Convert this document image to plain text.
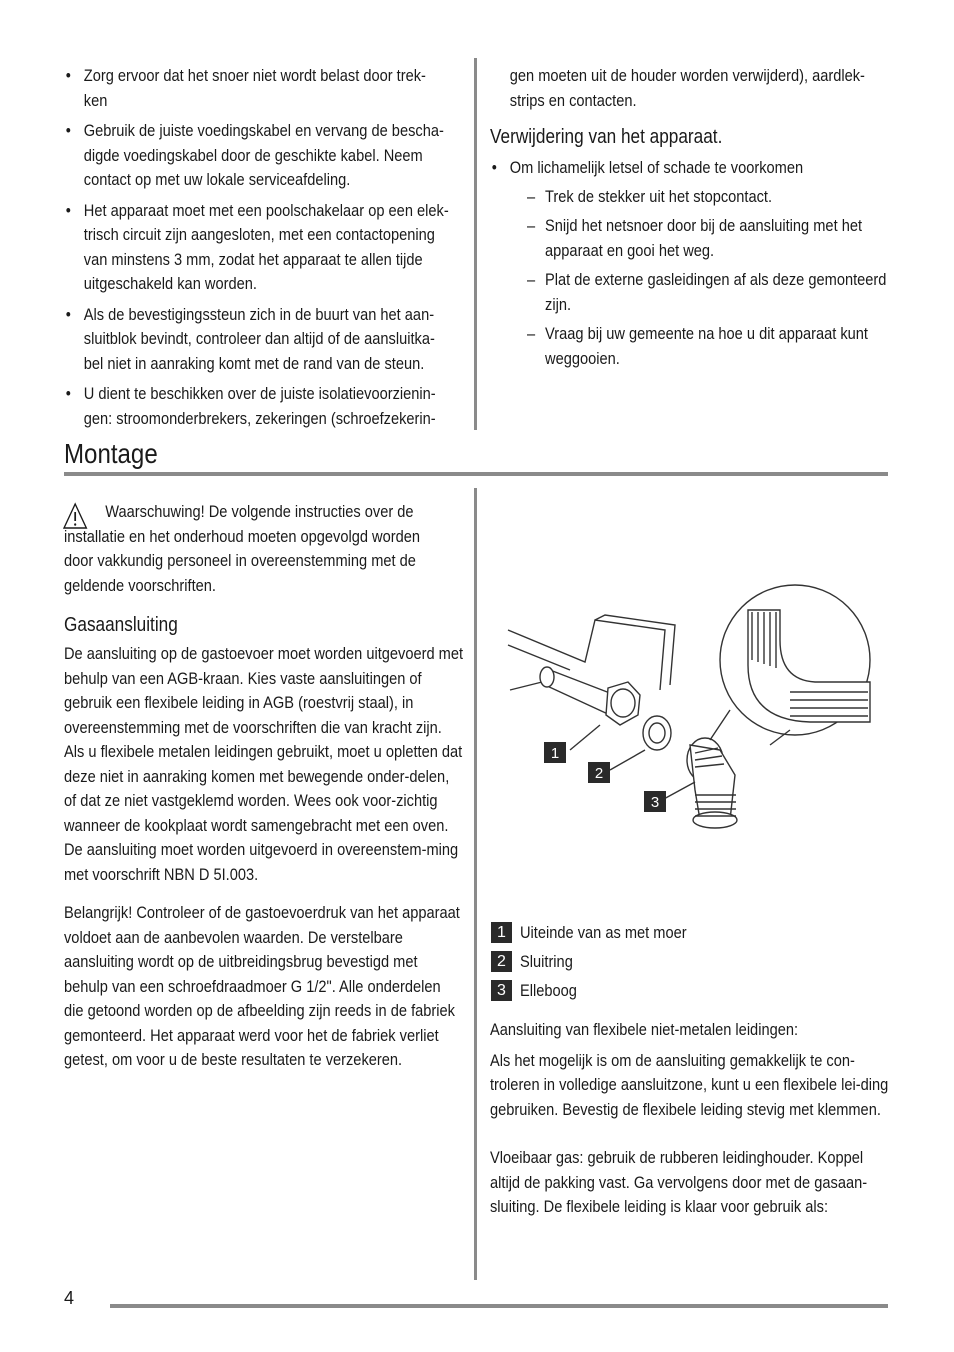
• Zorg ervoor dat het snoer niet wordt belast door trek-ken
• Gebruik de juiste voedingskabel en vervang de bescha-digde voedingskabel door de geschikte kabel. Neem contact op met uw lokale serviceafdeling.
• Het apparaat moet met een poolschakelaar op een elek-trisch circuit zijn aangesloten, met een contactopening van minstens 3 mm, zodat het apparaat te allen tijde uitgeschakeld kan worden.
• Als de bevestigingssteun zich in de buurt van het aan-sluitblok bevindt, controleer dan altijd of de aansluitka-bel niet in aanraking komt met de rand van de steun.
• U dient te beschikken over de juiste isolatievoorzienin-gen: stroomonderbrekers, zekeringen (schroefzekerin-

gen moeten uit de houder worden verwijderd), aardlek-strips en contacten.

Verwijdering van het apparaat.
• Om lichamelijk letsel of schade te voorkomen
– Trek de stekker uit het stopcontact.
– Snijd het netsnoer door bij de aansluiting met het apparaat en gooi het weg.
– Plat de externe gasleidingen af als deze gemonteerd zijn.
– Vraag bij uw gemeente na hoe u dit apparaat kunt weggooien.
Montage

Waarschuwing! De volgende instructies over de installatie en het onderhoud moeten opgevolgd worden door vakkundig personeel in overeenstemming met de geldende voorschriften.

Gasaansluiting

De aansluiting op de gastoevoer moet worden uitgevoerd met behulp van een AGB-kraan. Kies vaste aansluitingen of gebruik een flexibele leiding in AGB (roestvrij staal), in overeenstemming met de voorschriften die van kracht zijn. Als u flexibele metalen leidingen gebruikt, moet u opletten dat deze niet in aanraking komen met bewegende onder-delen, of dat ze niet vastgeklemd worden. Wees ook voor-zichtig wanneer de kookplaat wordt samengebracht met een oven.

De aansluiting moet worden uitgevoerd in overeenstem-ming met voorschrift NBN D 5I.003.

Belangrijk! Controleer of de gastoevoerdruk van het apparaat voldoet aan de aanbevolen waarden. De verstelbare aansluiting wordt op de uitbreidingsbrug bevestigd met behulp van een schroefdraadmoer G 1/2". Alle onderdelen die getoond worden op de afbeelding zijn reeds in de fabriek gemonteerd. Het apparaat werd voor het de fabriek verliet getest, om voor u de beste resultaten te verzekeren.

1
2
3
1 Uiteinde van as met moer
2 Sluitring
3 Elleboog

Aansluiting van flexibele niet-metalen leidingen:

Als het mogelijk is om de aansluiting gemakkelijk te con-troleren in volledige aansluitzone, kunt u een flexibele lei-ding gebruiken. Bevestig de flexibele leiding stevig met klemmen.

Vloeibaar gas: gebruik de rubberen leidinghouder. Koppel altijd de pakking vast. Ga vervolgens door met de gasaan-sluiting. De flexibele leiding is klaar voor gebruik als:

4
